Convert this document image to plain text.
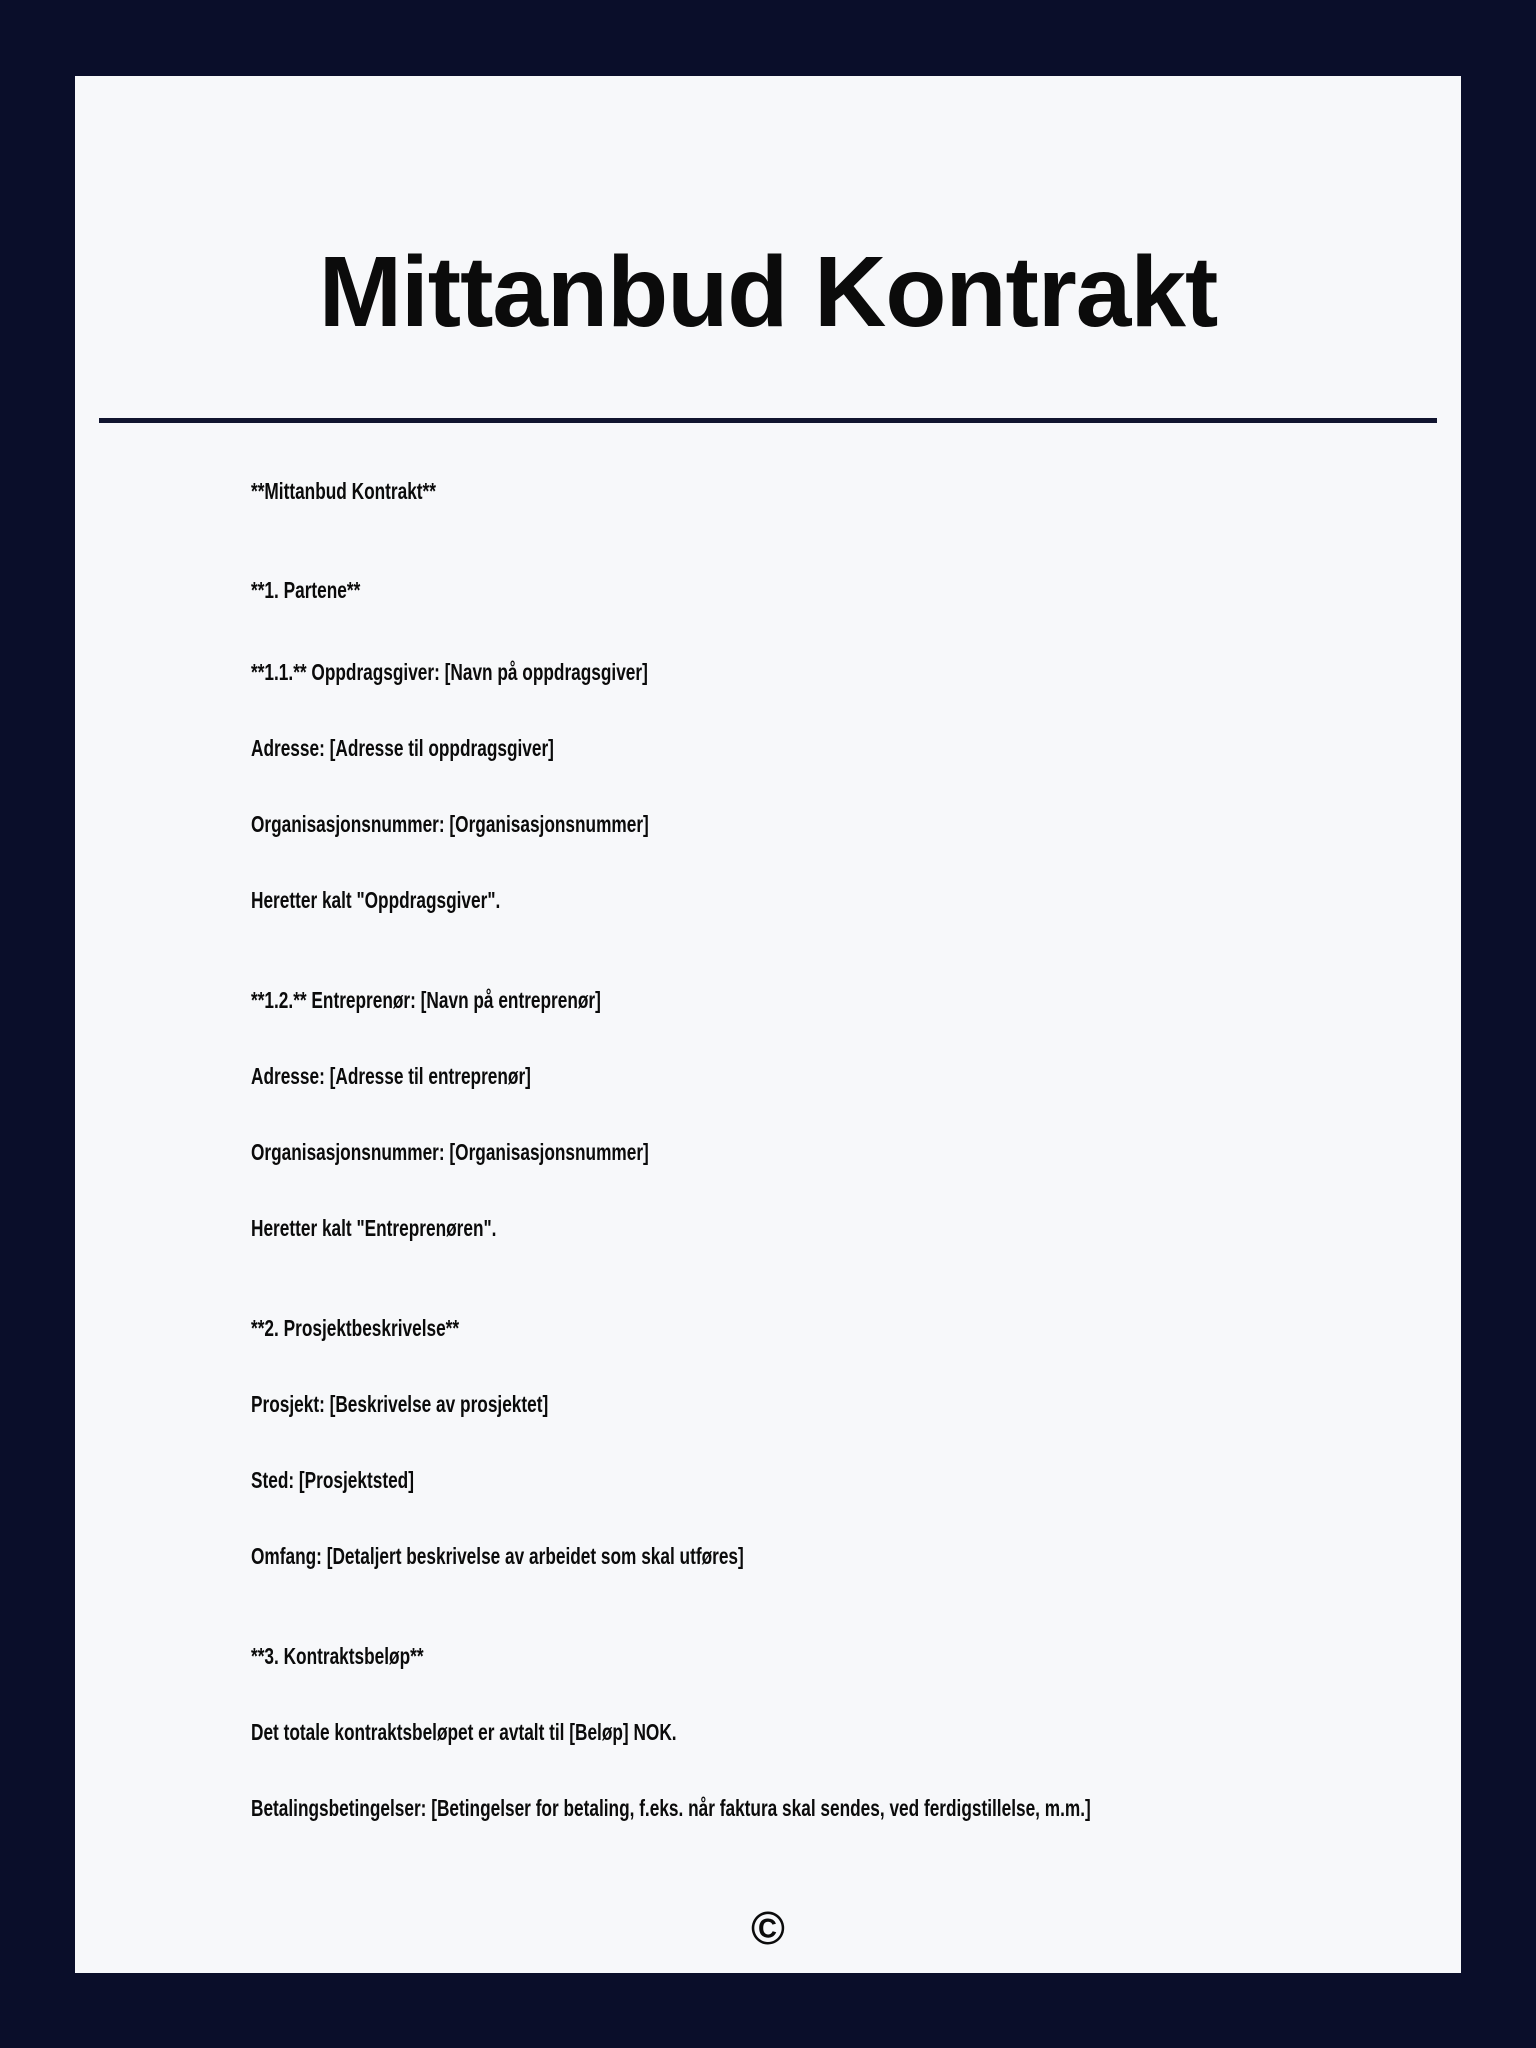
Mittanbud Kontrakt

**Mittanbud Kontrakt**

**1. Partene**

**1.1.** Oppdragsgiver: [Navn på oppdragsgiver]

Adresse: [Adresse til oppdragsgiver]

Organisasjonsnummer: [Organisasjonsnummer]

Heretter kalt "Oppdragsgiver".

**1.2.** Entreprenør: [Navn på entreprenør]

Adresse: [Adresse til entreprenør]

Organisasjonsnummer: [Organisasjonsnummer]

Heretter kalt "Entreprenøren".

**2. Prosjektbeskrivelse**

Prosjekt: [Beskrivelse av prosjektet]

Sted: [Prosjektsted]

Omfang: [Detaljert beskrivelse av arbeidet som skal utføres]

**3. Kontraktsbeløp**

Det totale kontraktsbeløpet er avtalt til [Beløp] NOK.

Betalingsbetingelser: [Betingelser for betaling, f.eks. når faktura skal sendes, ved ferdigstillelse, m.m.]

©
